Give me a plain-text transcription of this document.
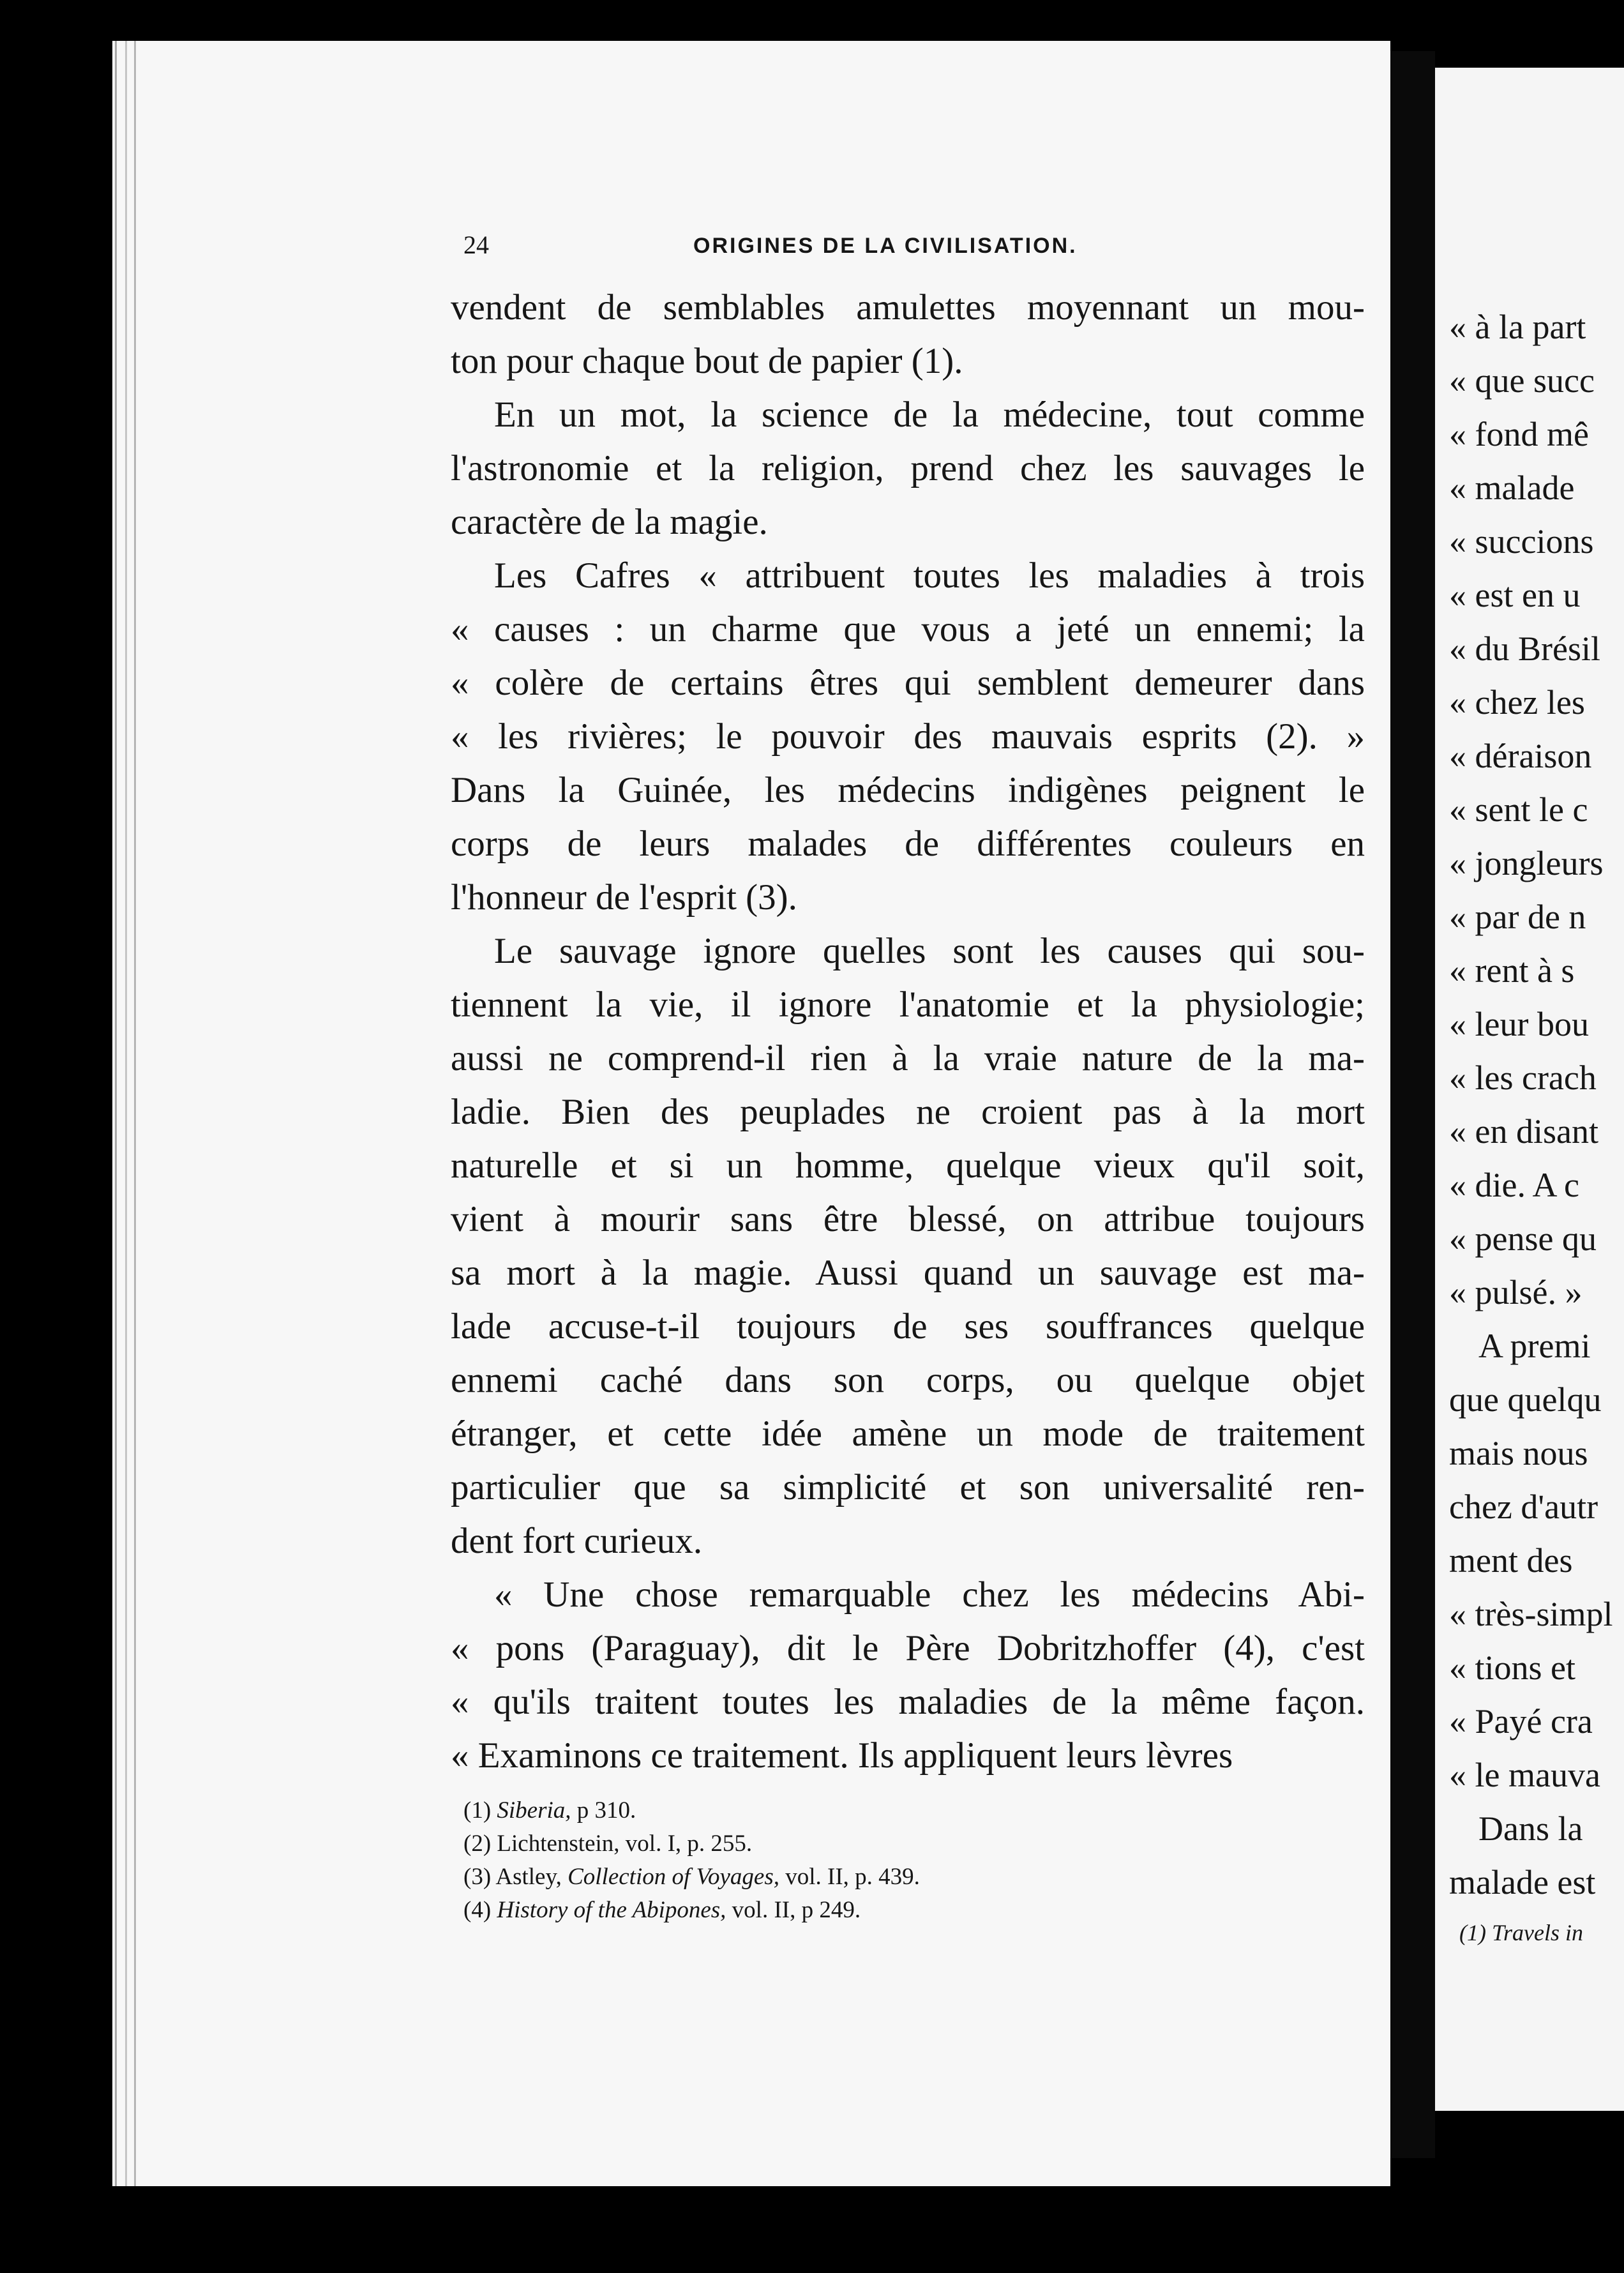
24	ORIGINES DE LA CIVILISATION.
vendent de semblables amulettes moyennant un mou-
ton pour chaque bout de papier (1).
En un mot, la science de la médecine, tout comme
l'astronomie et la religion, prend chez les sauvages le
caractère de la magie.
Les Cafres « attribuent toutes les maladies à trois
« causes : un charme que vous a jeté un ennemi; la
« colère de certains êtres qui semblent demeurer dans
« les rivières; le pouvoir des mauvais esprits (2). »
Dans la Guinée, les médecins indigènes peignent le
corps de leurs malades de différentes couleurs en
l'honneur de l'esprit (3).
Le sauvage ignore quelles sont les causes qui sou-
tiennent la vie, il ignore l'anatomie et la physiologie;
aussi ne comprend-il rien à la vraie nature de la ma-
ladie. Bien des peuplades ne croient pas à la mort
naturelle et si un homme, quelque vieux qu'il soit,
vient à mourir sans être blessé, on attribue toujours
sa mort à la magie. Aussi quand un sauvage est ma-
lade accuse-t-il toujours de ses souffrances quelque
ennemi caché dans son corps, ou quelque objet
étranger, et cette idée amène un mode de traitement
particulier que sa simplicité et son universalité ren-
dent fort curieux.
« Une chose remarquable chez les médecins Abi-
« pons (Paraguay), dit le Père Dobritzhoffer (4), c'est
« qu'ils traitent toutes les maladies de la même façon.
« Examinons ce traitement. Ils appliquent leurs lèvres
(1) Siberia, p 310.
(2) Lichtenstein, vol. I, p. 255.
(3) Astley, Collection of Voyages, vol. II, p. 439.
(4) History of the Abipones, vol. II, p 249.
« à la part
« que succ
« fond mê
« malade
« succions
« est en u
« du Brésil
« chez les
« déraison
« sent le c
« jongleurs
« par de n
« rent à s
« leur bou
« les crach
« en disant
« die. A c
« pense qu
« pulsé. »
A premi
que quelqu
mais nous
chez d'autr
ment des
« très-simpl
« tions et
« Payé cra
« le mauva
Dans la
malade est
(1) Travels in
